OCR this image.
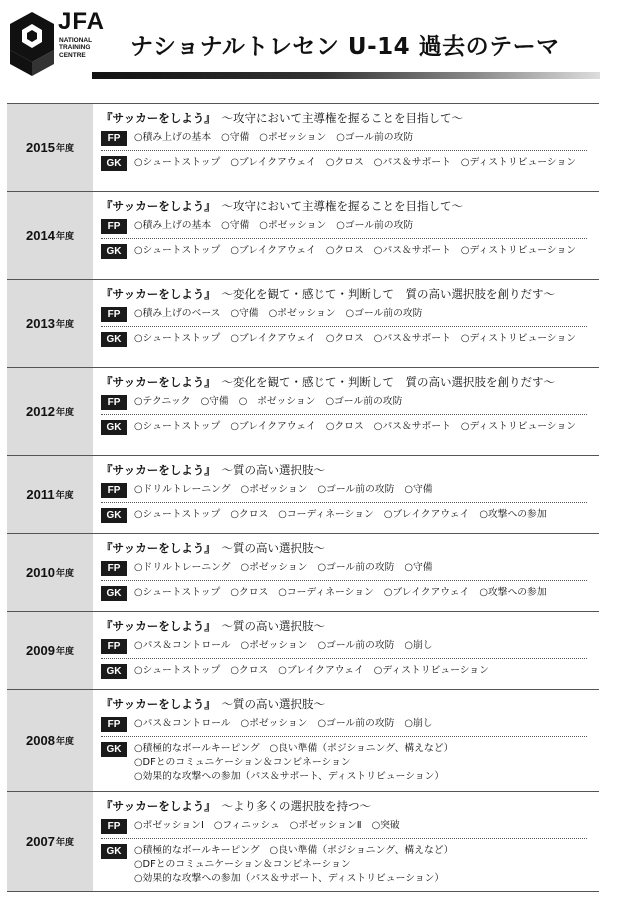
JFA
NATIONAL
TRAINING
CENTRE	ナショナルトレセン U-14 過去のテーマ
2015 年度
『サッカーをしよう』　 〜攻守において主導権を握ることを目指して〜
FP	○積み上げの基本 ○守備 ○ポゼッション ○ゴール前の攻防
GK	○シュートストップ ○ブレイクアウェイ ○クロス ○パス＆サポート ○ディストリビューション
2014 年度
『サッカーをしよう』　 〜攻守において主導権を握ることを目指して〜
FP	○積み上げの基本 ○守備 ○ポゼッション ○ゴール前の攻防
GK	○シュートストップ ○ブレイクアウェイ ○クロス ○パス＆サポート ○ディストリビューション
2013 年度
『サッカーをしよう』　 〜変化を観て・感じて・判断して　質の高い選択肢を創りだす〜
FP	○積み上げのベース ○守備 ○ポゼッション ○ゴール前の攻防
GK	○シュートストップ ○ブレイクアウェイ ○クロス ○パス＆サポート ○ディストリビューション
2012 年度
『サッカーをしよう』　 〜変化を観て・感じて・判断して　質の高い選択肢を創りだす〜
FP	○テクニック ○守備 ○　ポゼッション ○ゴール前の攻防
GK	○シュートストップ ○ブレイクアウェイ ○クロス ○パス＆サポート ○ディストリビューション
2011 年度
『サッカーをしよう』　 〜質の高い選択肢〜
FP	○ドリルトレーニング ○ポゼッション ○ゴール前の攻防 ○守備
GK	○シュートストップ ○クロス ○コーディネーション ○ブレイクアウェイ ○攻撃への参加
2010 年度
『サッカーをしよう』　 〜質の高い選択肢〜
FP	○ドリルトレーニング ○ポゼッション ○ゴール前の攻防 ○守備
GK	○シュートストップ ○クロス ○コーディネーション ○ブレイクアウェイ ○攻撃への参加
2009 年度
『サッカーをしよう』　 〜質の高い選択肢〜
FP	○パス＆コントロール ○ポゼッション ○ゴール前の攻防 ○崩し
GK	○シュートストップ ○クロス ○ブレイクアウェイ ○ディストリビューション
2008 年度
『サッカーをしよう』　 〜質の高い選択肢〜
FP	○パス＆コントロール ○ポゼッション ○ゴール前の攻防 ○崩し
GK	○積極的なボールキーピング　○良い準備（ポジショニング、構えなど）
○DFとのコミュニケーション＆コンビネーション
○効果的な攻撃への参加（パス＆サポート、ディストリビューション）
2007 年度
『サッカーをしよう』　 〜より多くの選択肢を持つ〜
FP	○ポゼッションⅠ ○フィニッシュ ○ポゼッションⅡ ○突破
GK	○積極的なボールキーピング　○良い準備（ポジショニング、構えなど）
○DFとのコミュニケーション＆コンビネーション
○効果的な攻撃への参加（パス＆サポート、ディストリビューション）
